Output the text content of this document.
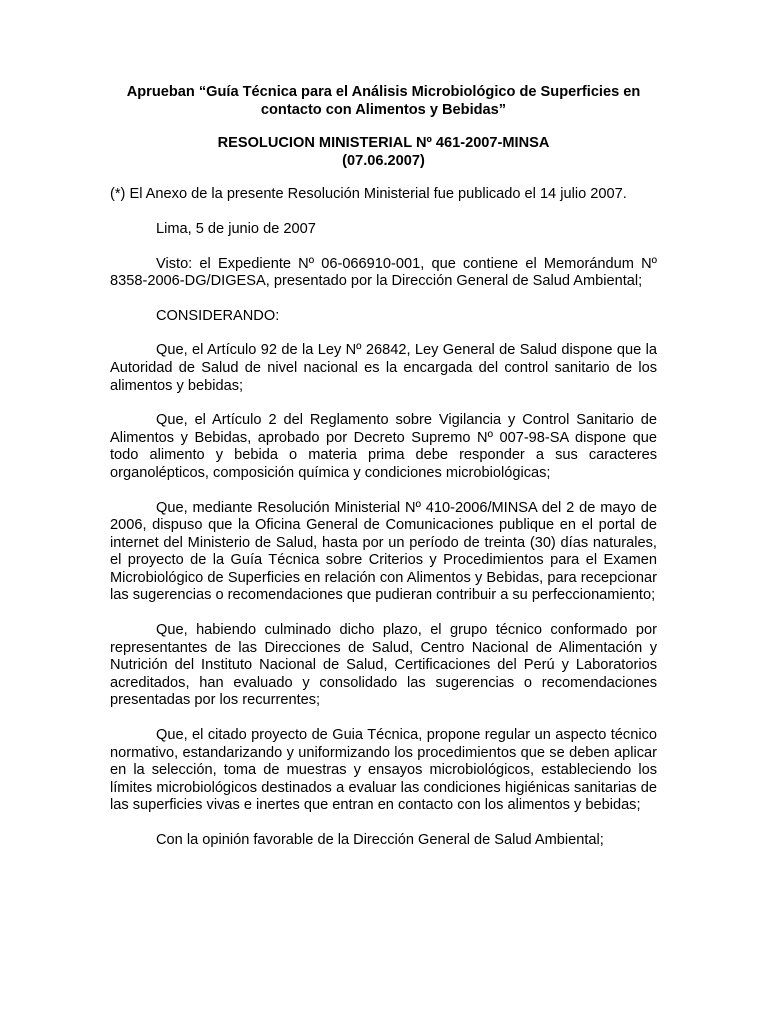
Aprueban “Guía Técnica para el Análisis Microbiológico de Superficies en contacto con Alimentos y Bebidas”
RESOLUCION MINISTERIAL Nº 461-2007-MINSA
(07.06.2007)

(*) El Anexo de la presente Resolución Ministerial fue publicado el 14 julio 2007.

Lima, 5 de junio de 2007

Visto: el Expediente Nº 06-066910-001, que contiene el Memorándum Nº 8358-2006-DG/DIGESA, presentado por la Dirección General de Salud Ambiental;

CONSIDERANDO:

Que, el Artículo 92 de la Ley Nº 26842, Ley General de Salud dispone que la Autoridad de Salud de nivel nacional es la encargada del control sanitario de los alimentos y bebidas;

Que, el Artículo 2 del Reglamento sobre Vigilancia y Control Sanitario de Alimentos y Bebidas, aprobado por Decreto Supremo Nº 007-98-SA dispone que todo alimento y bebida o materia prima debe responder a sus caracteres organolépticos, composición química y condiciones microbiológicas;

Que, mediante Resolución Ministerial Nº 410-2006/MINSA del 2 de mayo de 2006, dispuso que la Oficina General de Comunicaciones publique en el portal de internet del Ministerio de Salud, hasta por un período de treinta (30) días naturales, el proyecto de la Guía Técnica sobre Criterios y Procedimientos para el Examen Microbiológico de Superficies en relación con Alimentos y Bebidas, para recepcionar las sugerencias o recomendaciones que pudieran contribuir a su perfeccionamiento;

Que, habiendo culminado dicho plazo, el grupo técnico conformado por representantes de las Direcciones de Salud, Centro Nacional de Alimentación y Nutrición del Instituto Nacional de Salud, Certificaciones del Perú y Laboratorios acreditados, han evaluado y consolidado las sugerencias o recomendaciones presentadas por los recurrentes;

Que, el citado proyecto de Guia Técnica, propone regular un aspecto técnico normativo, estandarizando y uniformizando los procedimientos que se deben aplicar en la selección, toma de muestras y ensayos microbiológicos, estableciendo los límites microbiológicos destinados a evaluar las condiciones higiénicas sanitarias de las superficies vivas e inertes que entran en contacto con los alimentos y bebidas;

Con la opinión favorable de la Dirección General de Salud Ambiental;
